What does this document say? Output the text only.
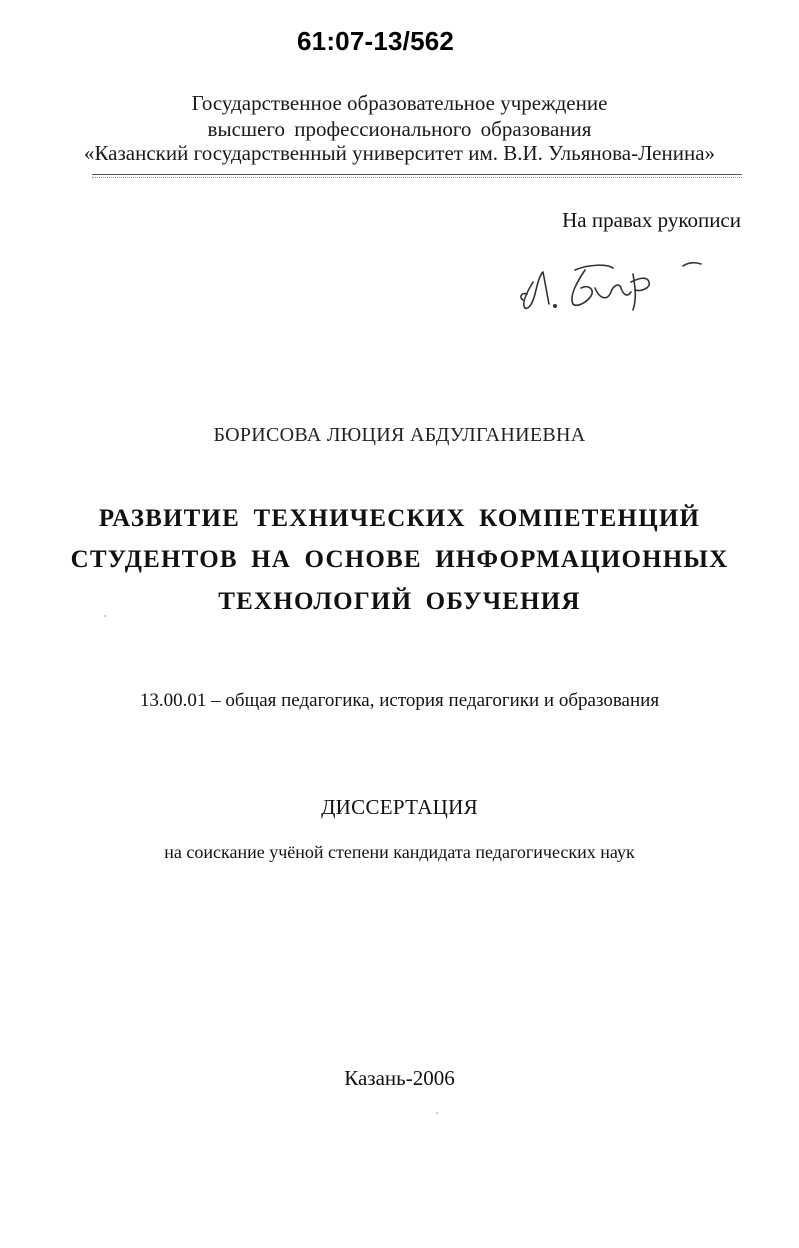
61:07-13/562
Государственное образовательное учреждение
высшего профессионального образования
«Казанский государственный университет им. В.И. Ульянова-Ленина»
На правах рукописи
БОРИСОВА ЛЮЦИЯ АБДУЛГАНИЕВНА
РАЗВИТИЕ ТЕХНИЧЕСКИХ КОМПЕТЕНЦИЙ
СТУДЕНТОВ НА ОСНОВЕ ИНФОРМАЦИОННЫХ
ТЕХНОЛОГИЙ ОБУЧЕНИЯ
13.00.01 – общая педагогика, история педагогики и образования
ДИССЕРТАЦИЯ
на соискание учёной степени кандидата педагогических наук
Казань-2006
